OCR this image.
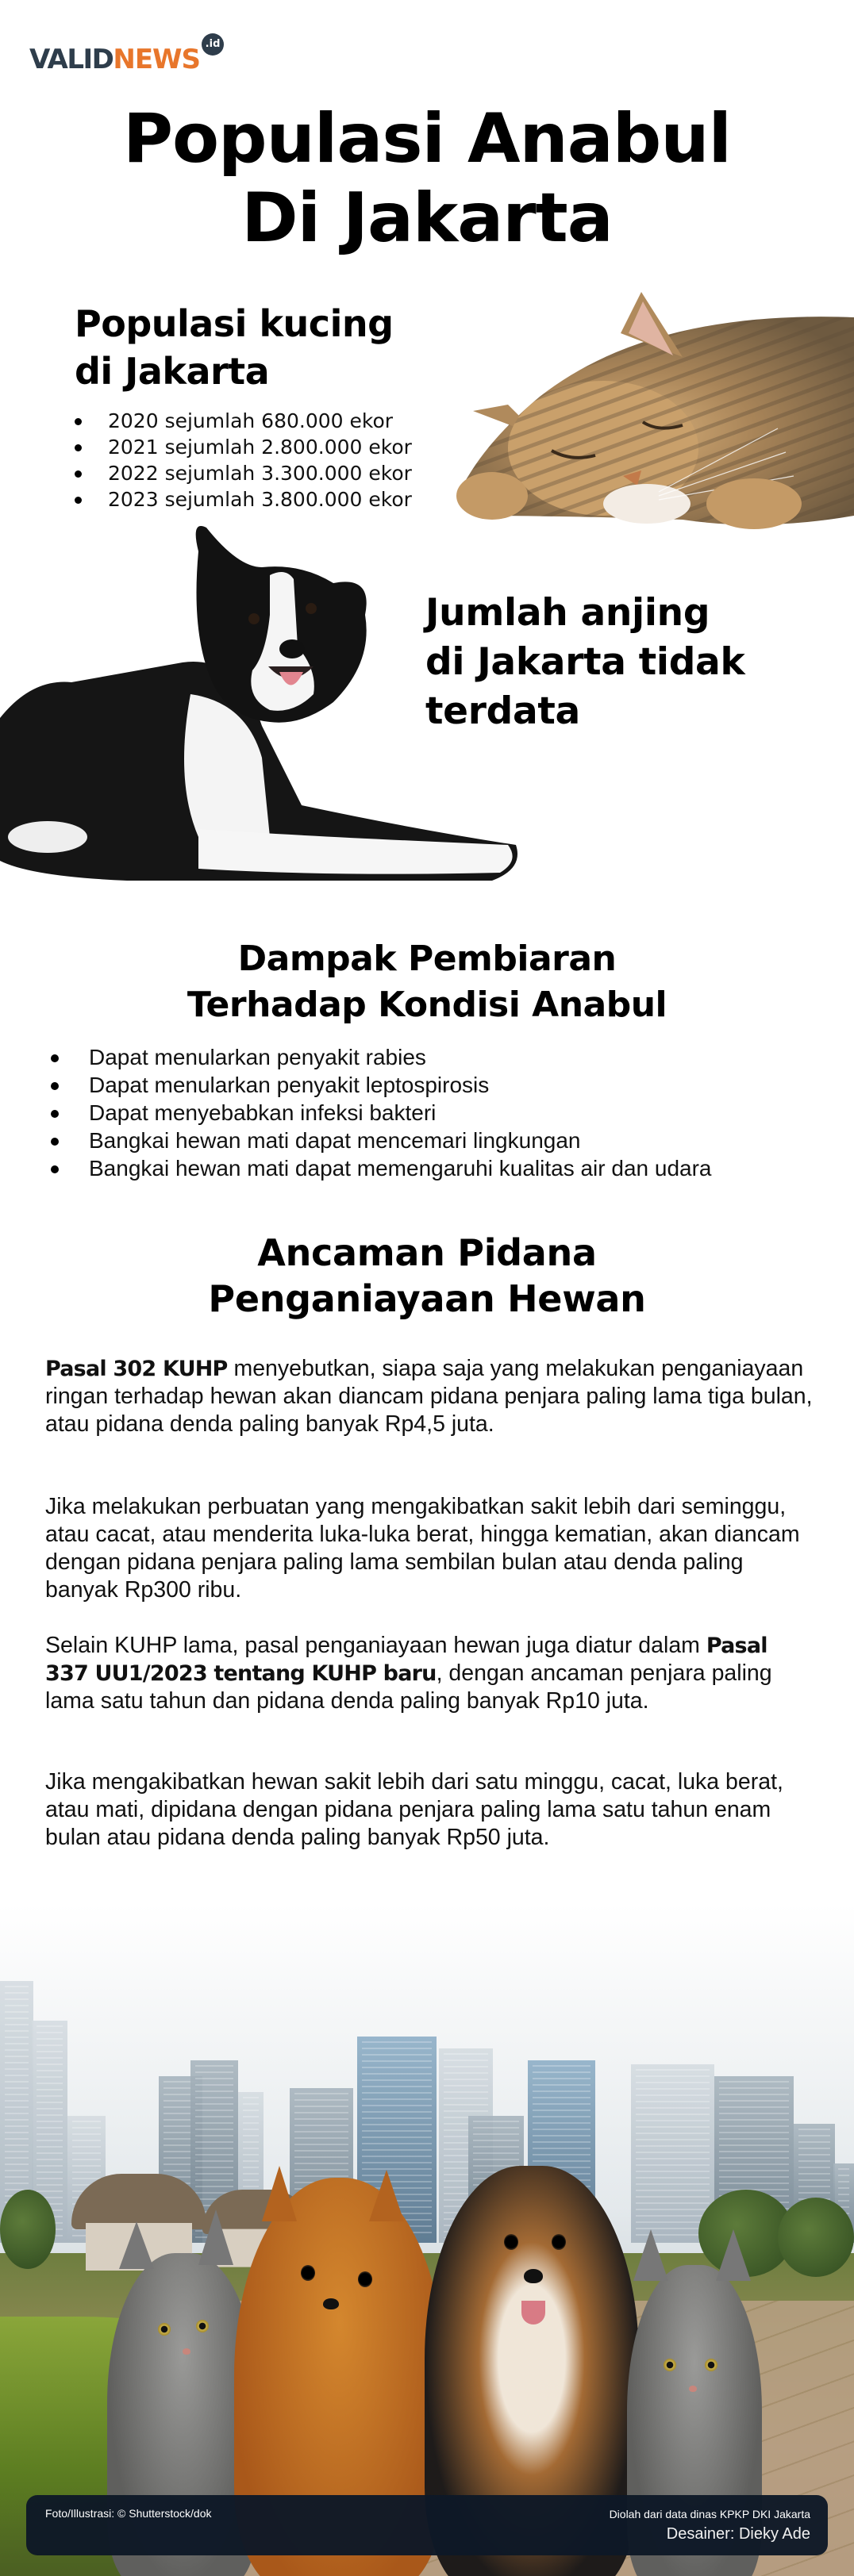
VALID NEWS .id
Populasi Anabul
Di Jakarta
Populasi kucing
di Jakarta
2020 sejumlah 680.000 ekor
2021 sejumlah 2.800.000 ekor
2022 sejumlah 3.300.000 ekor
2023 sejumlah 3.800.000 ekor
Jumlah anjing
di Jakarta tidak
terdata
Dampak Pembiaran
Terhadap Kondisi Anabul
Dapat menularkan penyakit rabies
Dapat menularkan penyakit leptospirosis
Dapat menyebabkan infeksi bakteri
Bangkai hewan mati dapat mencemari lingkungan
Bangkai hewan mati dapat memengaruhi kualitas air dan udara
Ancaman Pidana
Penganiayaan Hewan

Pasal 302 KUHP menyebutkan, siapa saja yang melakukan penganiayaan ringan terhadap hewan akan diancam pidana penjara paling lama tiga bulan, atau pidana denda paling banyak Rp4,5 juta.

Jika melakukan perbuatan yang mengakibatkan sakit lebih dari seminggu, atau cacat, atau menderita luka-luka berat, hingga kematian, akan diancam dengan pidana penjara paling lama sembilan bulan atau denda paling banyak Rp300 ribu.

Selain KUHP lama, pasal penganiayaan hewan juga diatur dalam Pasal 337 UU1/2023 tentang KUHP baru, dengan ancaman penjara paling lama satu tahun dan pidana denda paling banyak Rp10 juta.

Jika mengakibatkan hewan sakit lebih dari satu minggu, cacat, luka berat, atau mati, dipidana dengan pidana penjara paling lama satu tahun enam bulan atau pidana denda paling banyak Rp50 juta.

Foto/Illustrasi: © Shutterstock/dok	Diolah dari data dinas KPKP DKI Jakarta
Desainer: Dieky Ade
